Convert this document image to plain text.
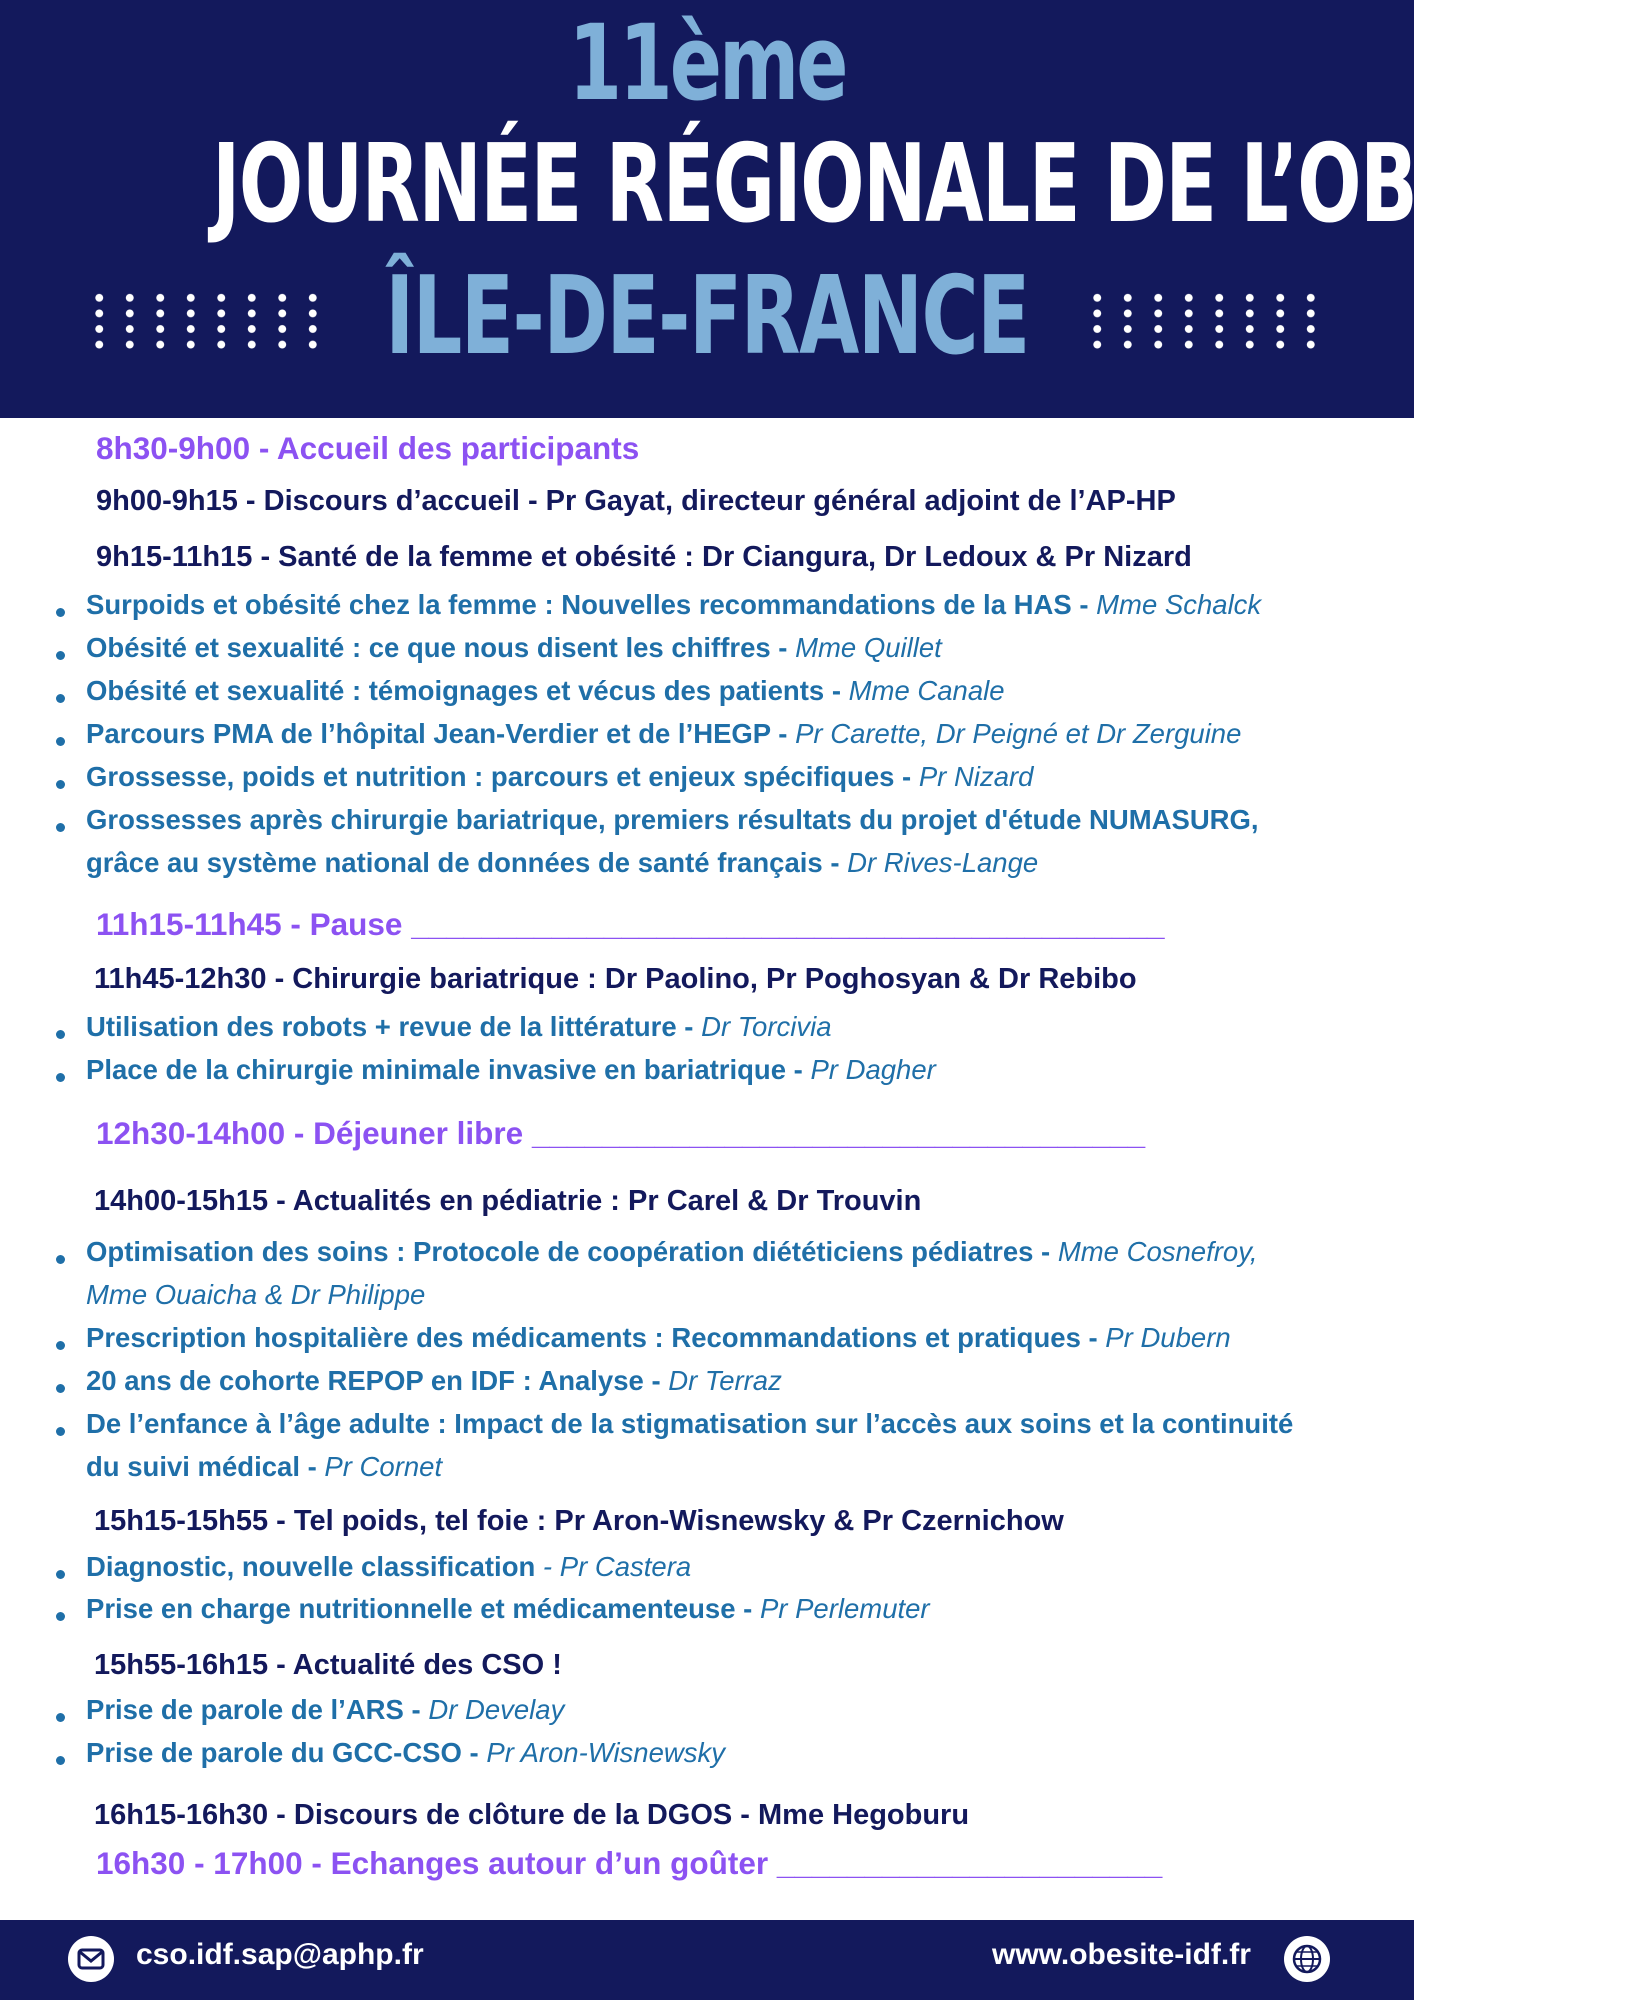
11ème
JOURNÉE RÉGIONALE DE L’OBÉSITÉ
ÎLE-DE-FRANCE
8h30-9h00 - Accueil des participants
9h00-9h15 - Discours d’accueil - Pr Gayat, directeur général adjoint de l’AP-HP
9h15-11h15 - Santé de la femme et obésité : Dr Ciangura, Dr Ledoux & Pr Nizard
Surpoids et obésité chez la femme : Nouvelles recommandations de la HAS - Mme Schalck
Obésité et sexualité : ce que nous disent les chiffres - Mme Quillet
Obésité et sexualité : témoignages et vécus des patients - Mme Canale
Parcours PMA de l’hôpital Jean-Verdier et de l’HEGP - Pr Carette, Dr Peigné et Dr Zerguine
Grossesse, poids et nutrition : parcours et enjeux spécifiques - Pr Nizard
Grossesses après chirurgie bariatrique, premiers résultats du projet d'étude NUMASURG,
grâce au système national de données de santé français - Dr Rives-Lange
11h15-11h45 - Pause ___________________________________________
11h45-12h30 - Chirurgie bariatrique : Dr Paolino, Pr Poghosyan & Dr Rebibo
Utilisation des robots + revue de la littérature - Dr Torcivia
Place de la chirurgie minimale invasive en bariatrique - Pr Dagher
12h30-14h00 - Déjeuner libre ___________________________________
14h00-15h15 - Actualités en pédiatrie : Pr Carel & Dr Trouvin
Optimisation des soins : Protocole de coopération diététiciens pédiatres - Mme Cosnefroy,
Mme Ouaicha & Dr Philippe
Prescription hospitalière des médicaments : Recommandations et pratiques - Pr Dubern
20 ans de cohorte REPOP en IDF : Analyse - Dr Terraz
De l’enfance à l’âge adulte : Impact de la stigmatisation sur l’accès aux soins et la continuité
du suivi médical - Pr Cornet
15h15-15h55 - Tel poids, tel foie : Pr Aron-Wisnewsky & Pr Czernichow
Diagnostic, nouvelle classification - Pr Castera
Prise en charge nutritionnelle et médicamenteuse - Pr Perlemuter
15h55-16h15 - Actualité des CSO !
Prise de parole de l’ARS - Dr Develay
Prise de parole du GCC-CSO - Pr Aron-Wisnewsky
16h15-16h30 - Discours de clôture de la DGOS - Mme Hegoburu
16h30 - 17h00 - Echanges autour d’un goûter ______________________
cso.idf.sap@aphp.fr	www.obesite-idf.fr
